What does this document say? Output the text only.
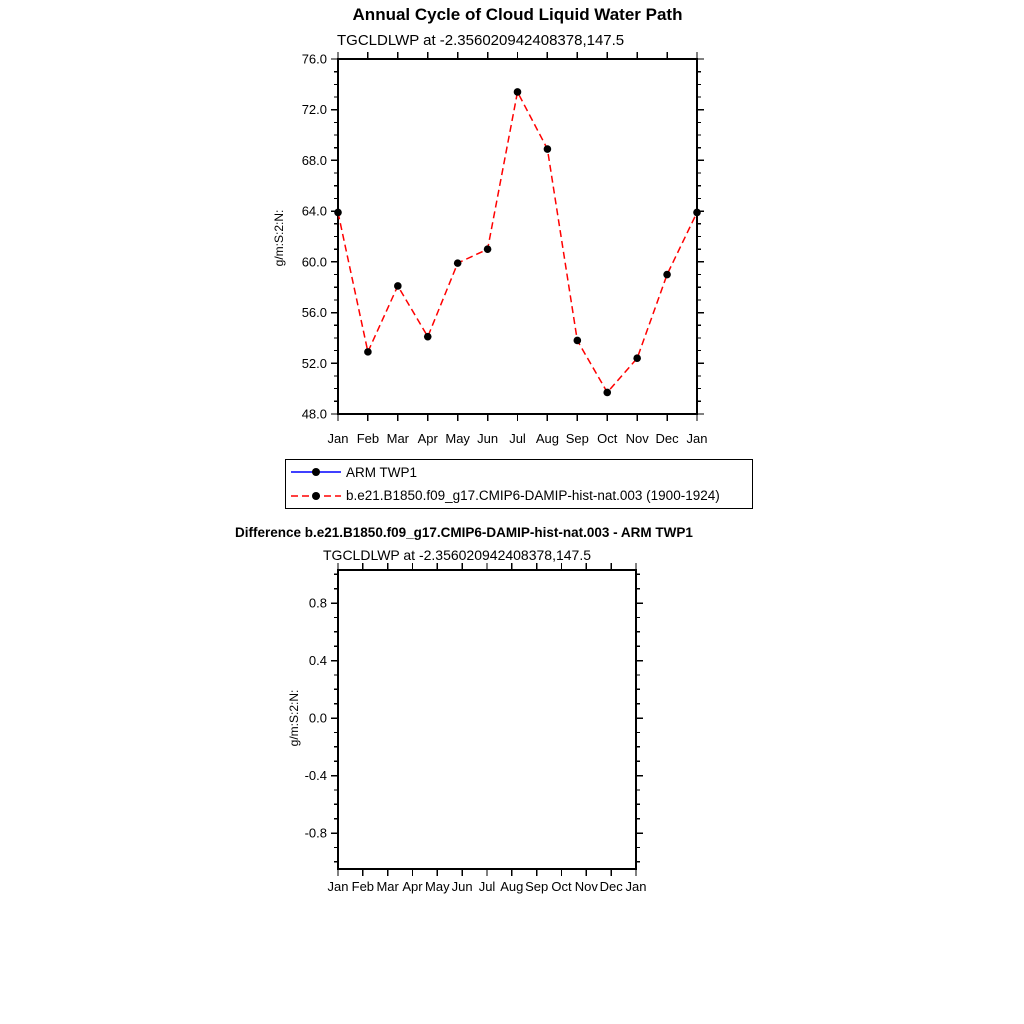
Jan Feb Mar Apr May Jun Jul Aug Sep Oct Nov Dec Jan
48.0
52.0
56.0
60.0
64.0
68.0
72.0
76.0
Jan Feb Mar Apr May Jun Jul Aug Sep Oct Nov Dec Jan
-0.8
-0.4
0.0
0.4
0.8
Annual Cycle of Cloud Liquid Water Path
TGCLDLWP at -2.356020942408378,147.5
g/m:S:2:N:
ARM TWP1
b.e21.B1850.f09_g17.CMIP6-DAMIP-hist-nat.003 (1900-1924)
Difference b.e21.B1850.f09_g17.CMIP6-DAMIP-hist-nat.003 - ARM TWP1
TGCLDLWP at -2.356020942408378,147.5
g/m:S:2:N:
